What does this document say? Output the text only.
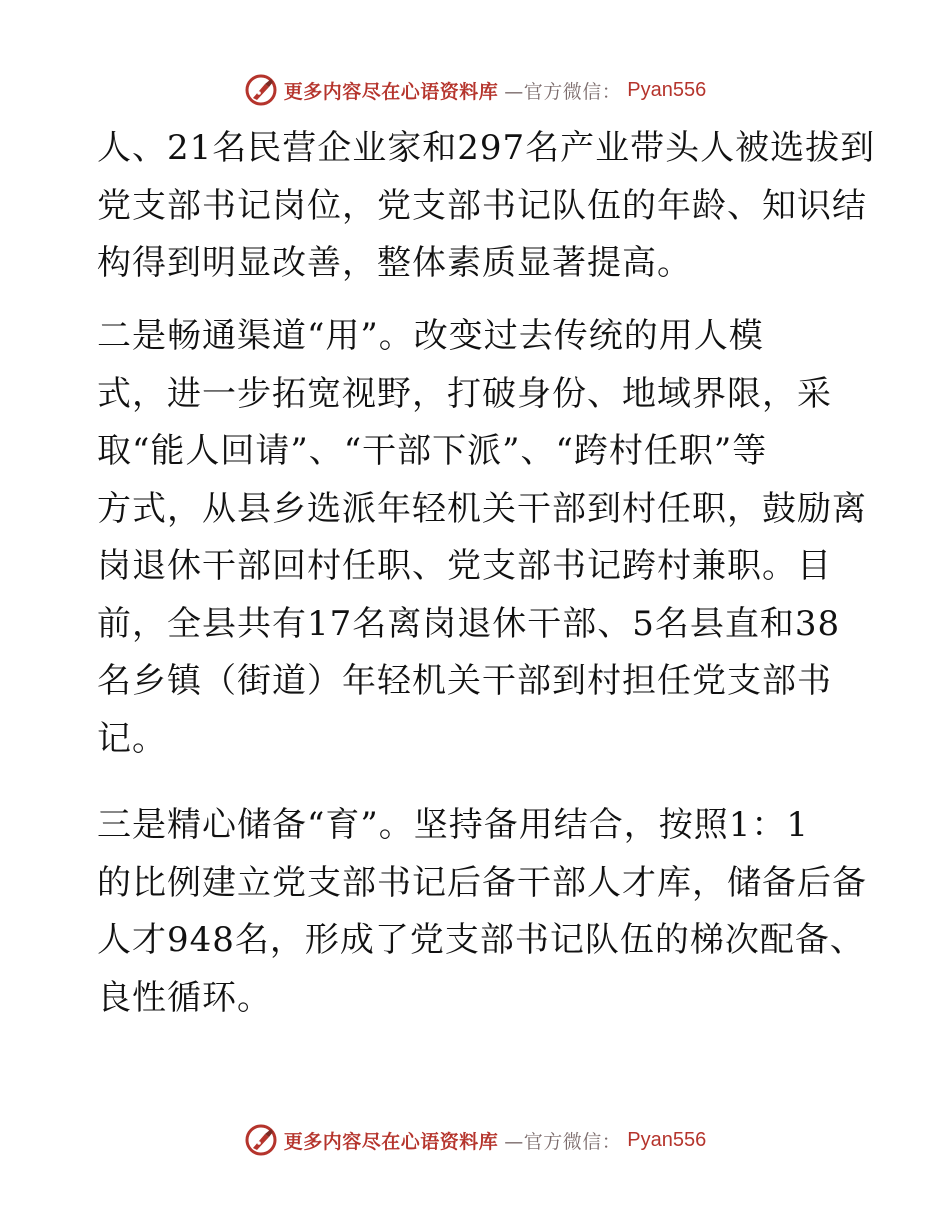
更多内容尽在心语资料库 —官方微信： Pyan556
人、21名民营企业家和297名产业带头人被选拔到
党支部书记岗位，党支部书记队伍的年龄、知识结
构得到明显改善，整体素质显著提高。
二是畅通渠道“用”。改变过去传统的用人模
式，进一步拓宽视野，打破身份、地域界限，采
取“能人回请”、“干部下派”、“跨村任职”等
方式，从县乡选派年轻机关干部到村任职，鼓励离
岗退休干部回村任职、党支部书记跨村兼职。目
前，全县共有17名离岗退休干部、5名县直和38
名乡镇（街道）年轻机关干部到村担任党支部书
记。
三是精心储备“育”。坚持备用结合，按照1：1
的比例建立党支部书记后备干部人才库，储备后备
人才948名，形成了党支部书记队伍的梯次配备、
良性循环。
更多内容尽在心语资料库 —官方微信： Pyan556
